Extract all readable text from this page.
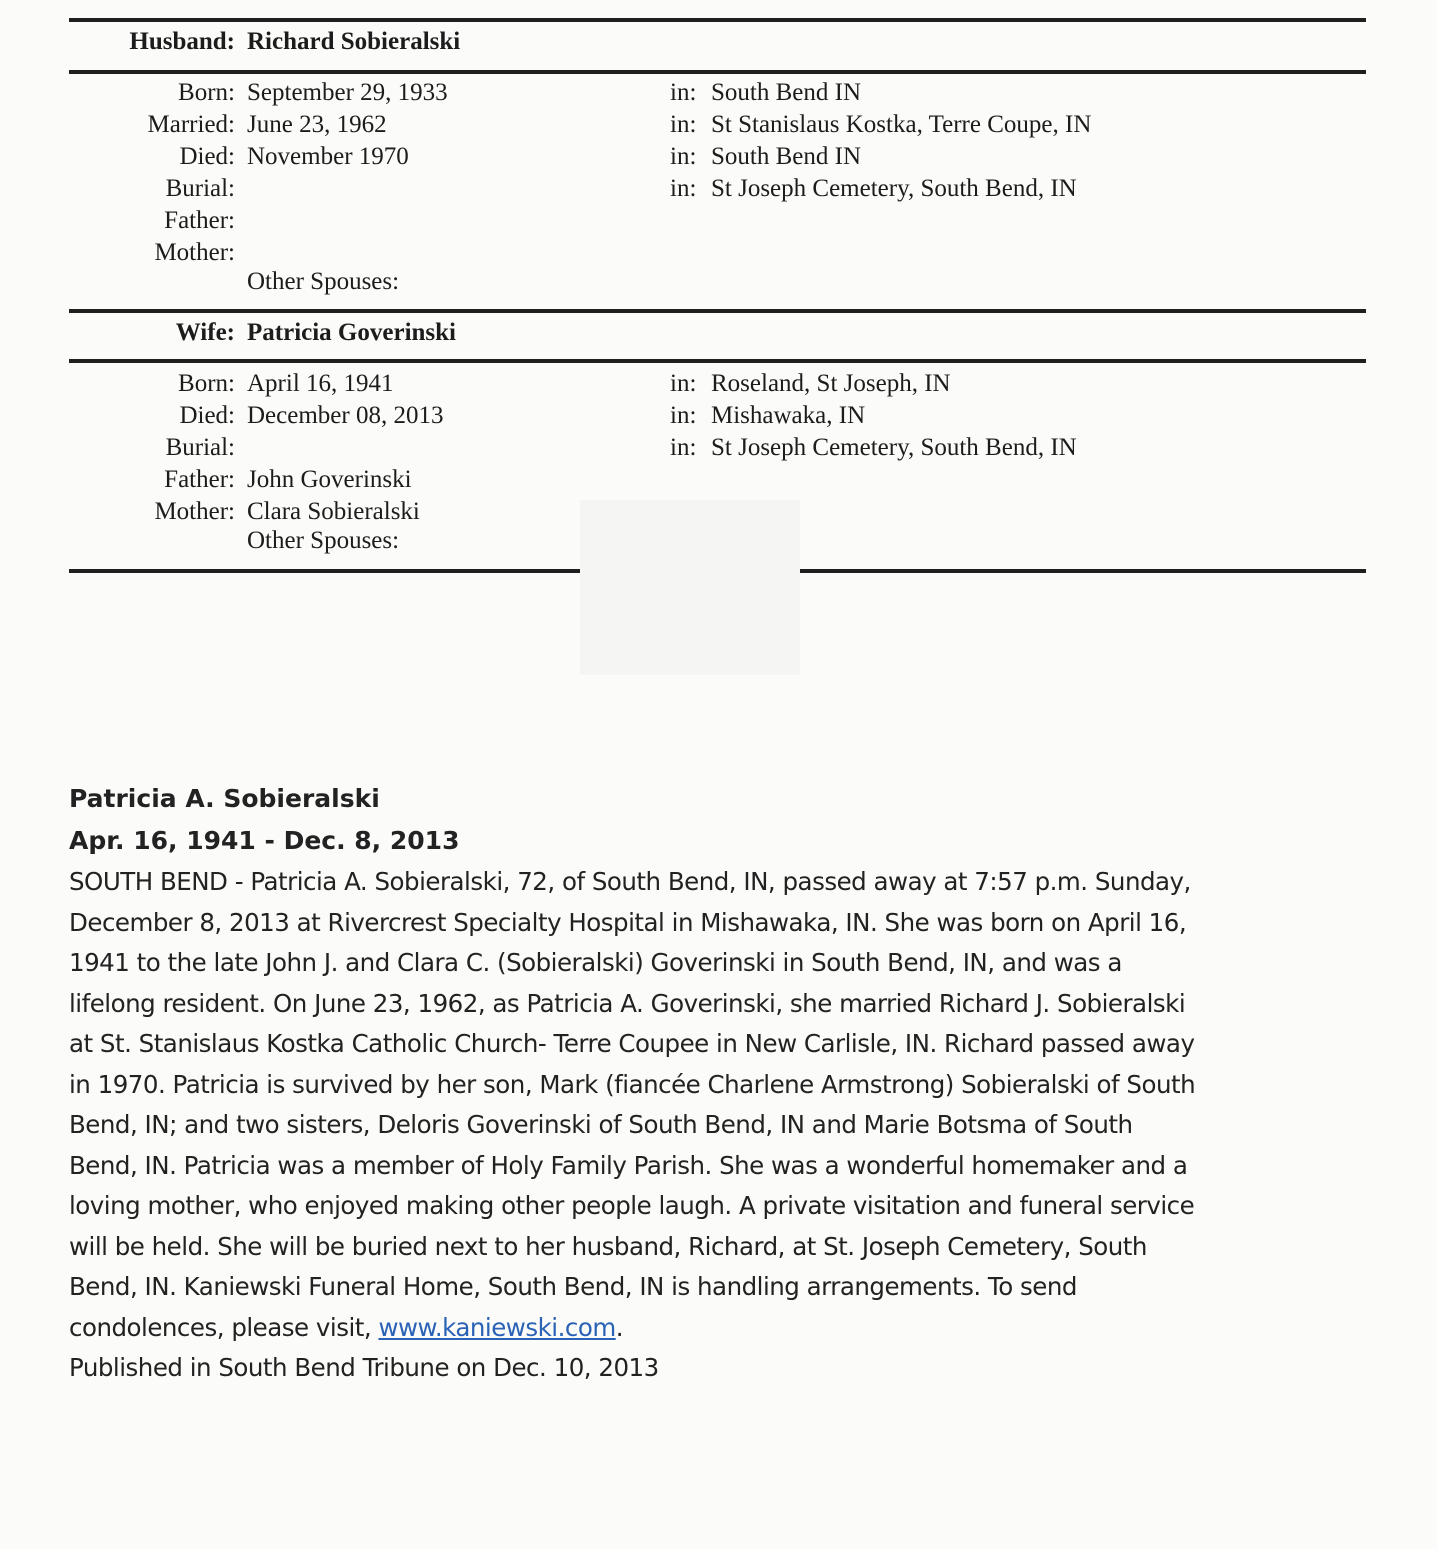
Husband: Richard Sobieralski
Born: September 29, 1933	in: South Bend IN
Married: June 23, 1962	in: St Stanislaus Kostka, Terre Coupe, IN
Died: November 1970	in: South Bend IN
Burial:	in: St Joseph Cemetery, South Bend, IN
Father:
Mother:
Other Spouses:
Wife: Patricia Goverinski
Born: April 16, 1941	in: Roseland, St Joseph, IN
Died: December 08, 2013	in: Mishawaka, IN
Burial:	in: St Joseph Cemetery, South Bend, IN
Father: John Goverinski
Mother: Clara Sobieralski
Other Spouses:
Patricia A. Sobieralski
Apr. 16, 1941 - Dec. 8, 2013
SOUTH BEND - Patricia A. Sobieralski, 72, of South Bend, IN, passed away at 7:57 p.m. Sunday,
December 8, 2013 at Rivercrest Specialty Hospital in Mishawaka, IN. She was born on April 16,
1941 to the late John J. and Clara C. (Sobieralski) Goverinski in South Bend, IN, and was a
lifelong resident. On June 23, 1962, as Patricia A. Goverinski, she married Richard J. Sobieralski
at St. Stanislaus Kostka Catholic Church- Terre Coupee in New Carlisle, IN. Richard passed away
in 1970. Patricia is survived by her son, Mark (fiancée Charlene Armstrong) Sobieralski of South
Bend, IN; and two sisters, Deloris Goverinski of South Bend, IN and Marie Botsma of South
Bend, IN. Patricia was a member of Holy Family Parish. She was a wonderful homemaker and a
loving mother, who enjoyed making other people laugh. A private visitation and funeral service
will be held. She will be buried next to her husband, Richard, at St. Joseph Cemetery, South
Bend, IN. Kaniewski Funeral Home, South Bend, IN is handling arrangements. To send
condolences, please visit, www.kaniewski.com.
Published in South Bend Tribune on Dec. 10, 2013
